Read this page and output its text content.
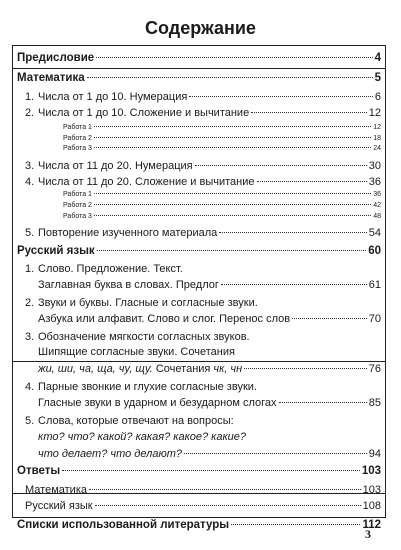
Содержание
Предисловие	4
Математика	5
1. Числа от 1 до 10. Нумерация	6
2. Числа от 1 до 10. Сложение и вычитание	12
Работа 1	12
Работа 2	18
Работа 3	24
3. Числа от 11 до 20. Нумерация	30
4. Числа от 11 до 20. Сложение и вычитание	36
Работа 1	36
Работа 2	42
Работа 3	48
5. Повторение изученного материала	54
Русский язык	60
1. Слово. Предложение. Текст.
Заглавная буква в словах. Предлог	61
2. Звуки и буквы. Гласные и согласные звуки.
Азбука или алфавит. Слово и слог. Перенос слов	70
3. Обозначение мягкости согласных звуков.
Шипящие согласные звуки. Сочетания
жи, ши, ча, ща, чу, щу. Сочетания чк, чн	76
4. Парные звонкие и глухие согласные звуки.
Гласные звуки в ударном и безударном слогах	85
5. Слова, которые отвечают на вопросы:
кто? что? какой? какая? какое? какие?
что делает? что делают?	94
Ответы	103
Математика	103
Русский язык	108
Списки использованной литературы	112
3
